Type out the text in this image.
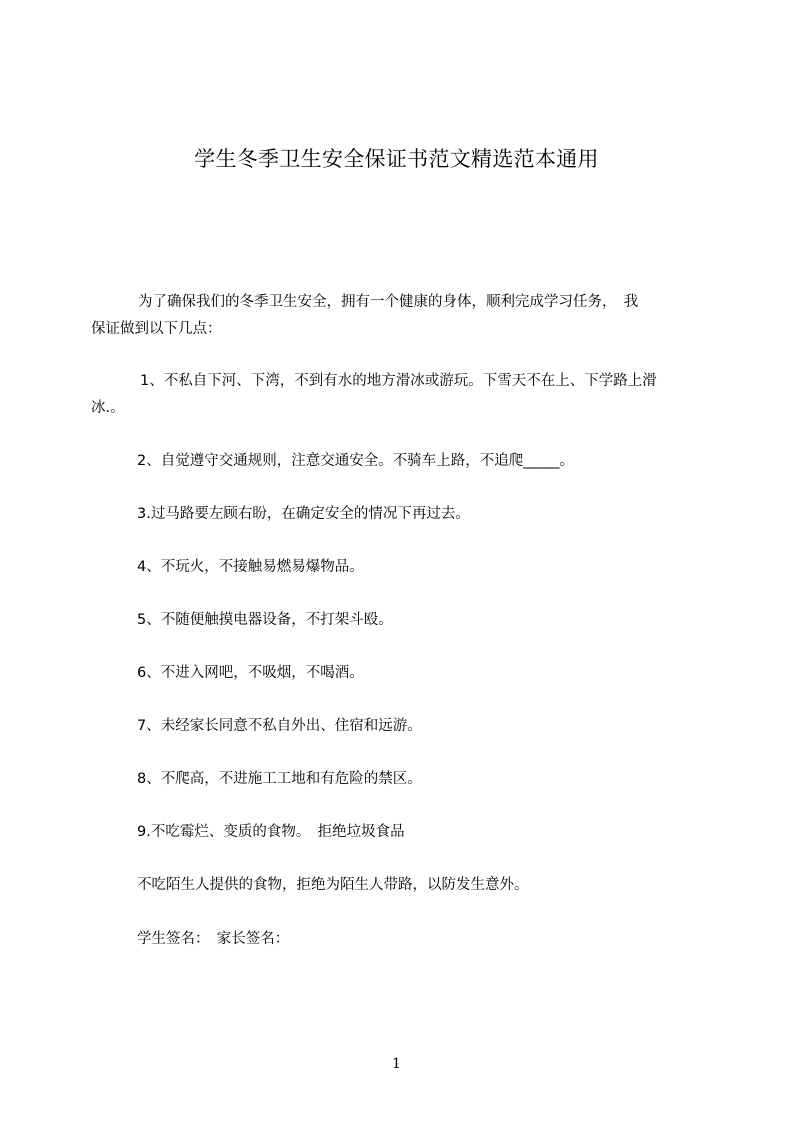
学生冬季卫生安全保证书范文精选范本通用
为了确保我们的冬季卫生安全，拥有一个健康的身体，顺利完成学习任务，　我
保证做到以下几点：
1、不私自下河、下湾，不到有水的地方滑冰或游玩。下雪天不在上、下学路上滑
冰.。
2、自觉遵守交通规则，注意交通安全。不骑车上路，不追爬_____。
3.过马路要左顾右盼，在确定安全的情况下再过去。
4、不玩火，不接触易燃易爆物品。
5、不随便触摸电器设备，不打架斗殴。
6、不进入网吧，不吸烟，不喝酒。
7、未经家长同意不私自外出、住宿和远游。
8、不爬高，不进施工工地和有危险的禁区。
9.不吃霉烂、变质的食物。　拒绝垃圾食品
不吃陌生人提供的食物，拒绝为陌生人带路，以防发生意外。
学生签名：　家长签名：
1
